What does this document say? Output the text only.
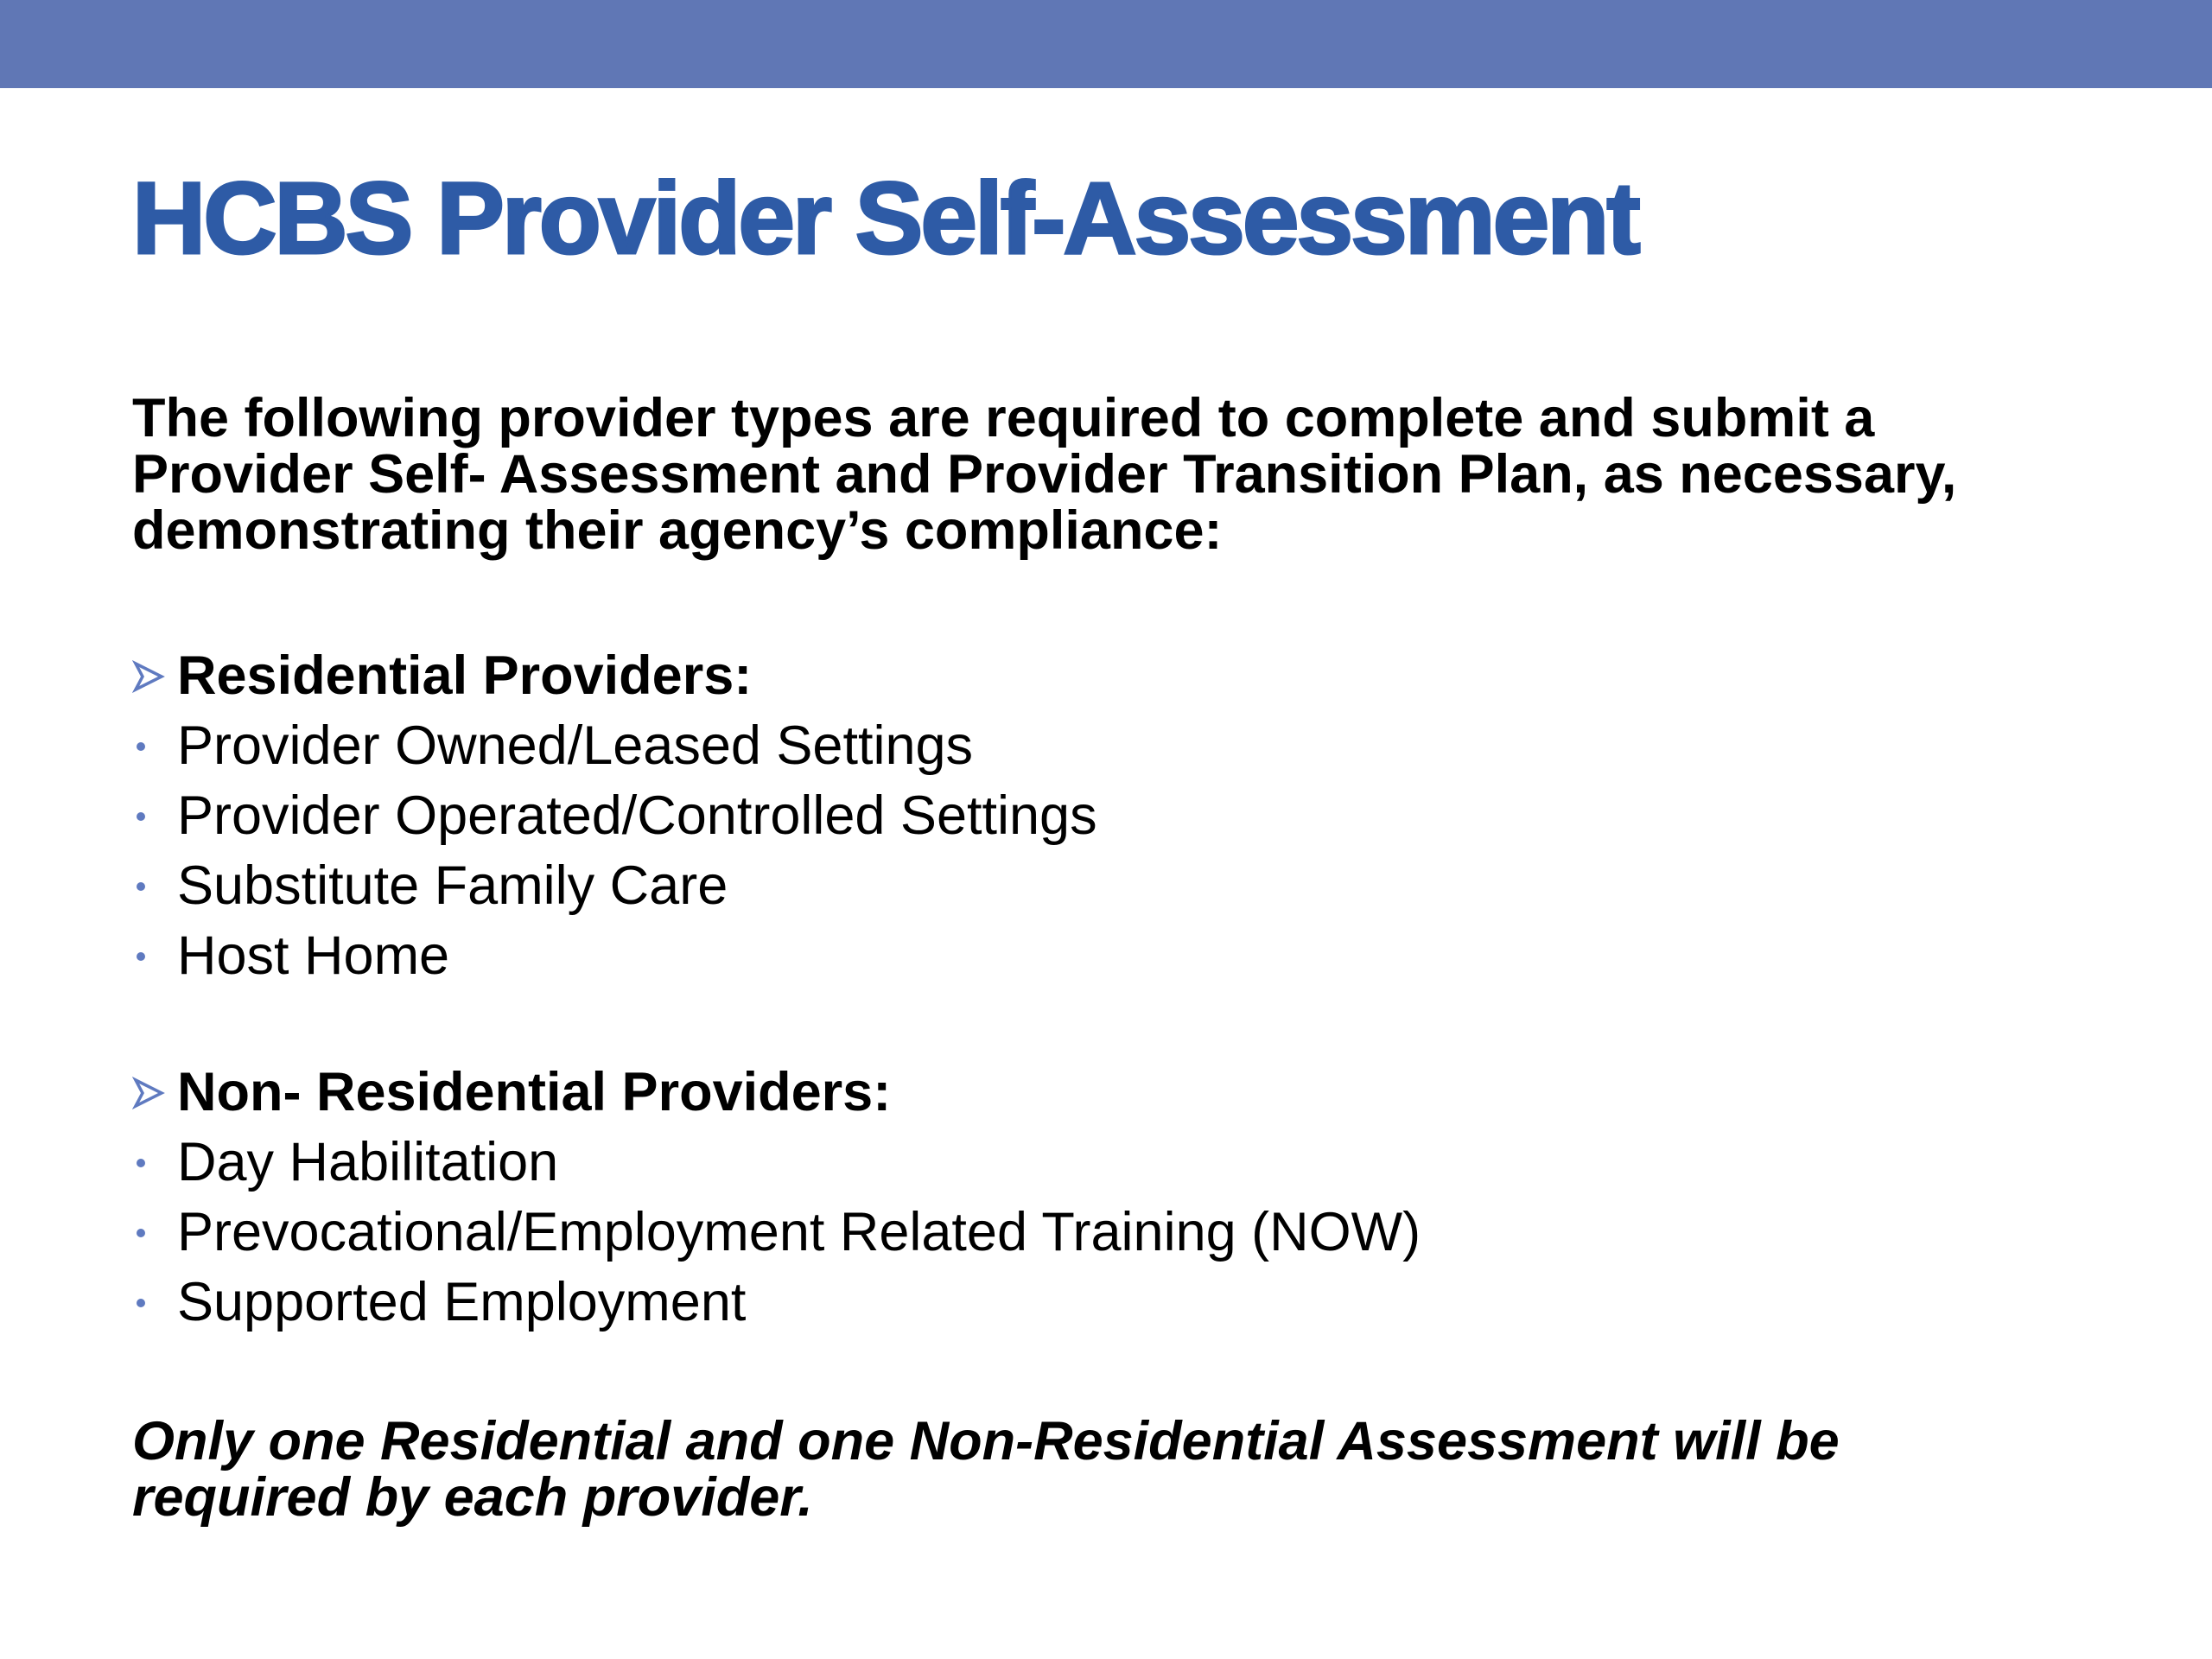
HCBS Provider Self-Assessment

The following provider types are required to complete and submit a Provider Self- Assessment and Provider Transition Plan, as necessary, demonstrating their agency’s compliance:

Residential Providers:
Provider Owned/Leased Settings
Provider Operated/Controlled Settings
Substitute Family Care
Host Home
Non- Residential Providers:
Day Habilitation
Prevocational/Employment Related Training (NOW)
Supported Employment

Only one Residential and one Non-Residential Assessment will be required by each provider.
